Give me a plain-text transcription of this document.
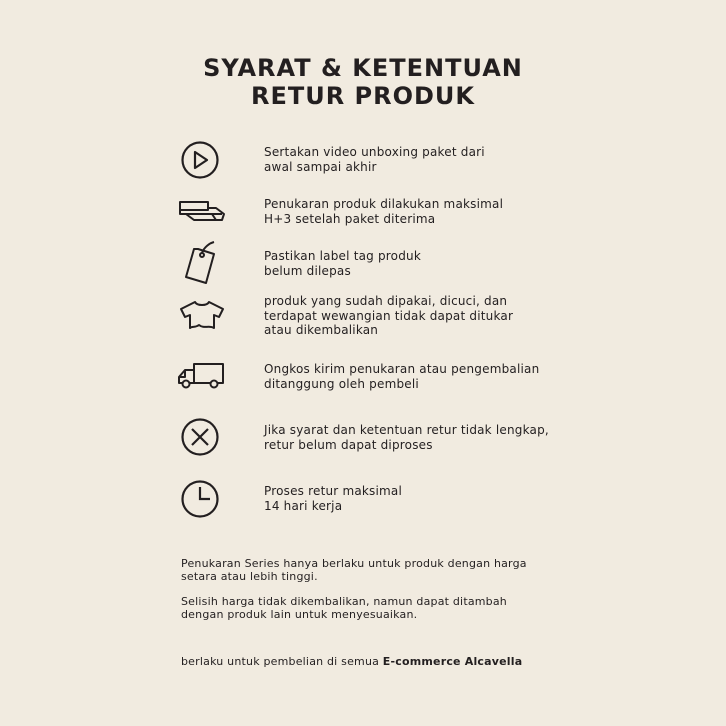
SYARAT & KETENTUAN
RETUR PRODUK
Sertakan video unboxing paket dari
awal sampai akhir
Penukaran produk dilakukan maksimal
H+3 setelah paket diterima
Pastikan label tag produk
belum dilepas
produk yang sudah dipakai, dicuci, dan
terdapat wewangian tidak dapat ditukar
atau dikembalikan
Ongkos kirim penukaran atau pengembalian
ditanggung oleh pembeli
Jika syarat dan ketentuan retur tidak lengkap,
retur belum dapat diproses
Proses retur maksimal
14 hari kerja
Penukaran Series hanya berlaku untuk produk dengan harga
setara atau lebih tinggi.
Selisih harga tidak dikembalikan, namun dapat ditambah
dengan produk lain untuk menyesuaikan.
berlaku untuk pembelian di semua E-commerce Alcavella
